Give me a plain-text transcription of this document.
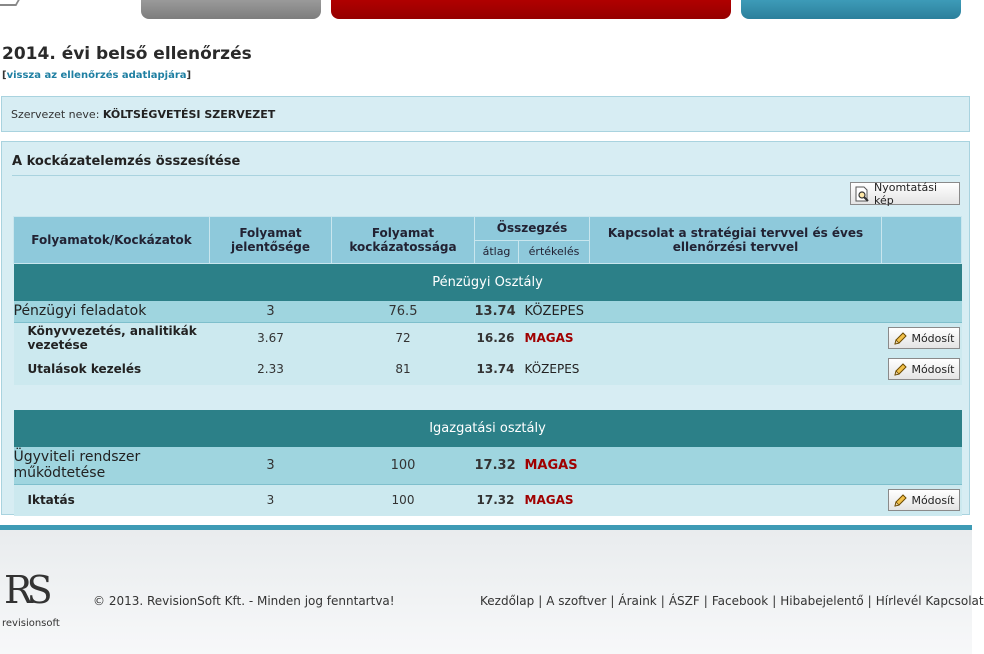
2014. évi belső ellenőrzés
[vissza az ellenőrzés adatlapjára]
Szervezet neve: KÖLTSÉGVETÉSI SZERVEZET
A kockázatelemzés összesítése
Nyomtatási kép
Folyamatok/Kockázatok	Folyamat jelentősége	Folyamat kockázatossága	Összegzés		Kapcsolat a stratégiai tervvel és éves ellenőrzési tervvel	
			átlag	értékelés		
Pénzügyi Osztály						
Pénzügyi feladatok	3	76.5	13.74	KÖZEPES		
Könyvvezetés, analitikák vezetése	3.67	72	16.26	MAGAS		Módosít

Utalások kezelés	2.33	81	13.74	KÖZEPES		Módosít

Igazgatási osztály						
Ügyviteli rendszer működtetése	3	100	17.32	MAGAS		
Iktatás	3	100	17.32	MAGAS		Módosít
RS
revisionsoft
© 2013. RevisionSoft Kft. - Minden jog fenntartva!	Kezdőlap | A szoftver | Áraink | ÁSZF | Facebook | Hibabejelentő | Hírlevél Kapcsolat
